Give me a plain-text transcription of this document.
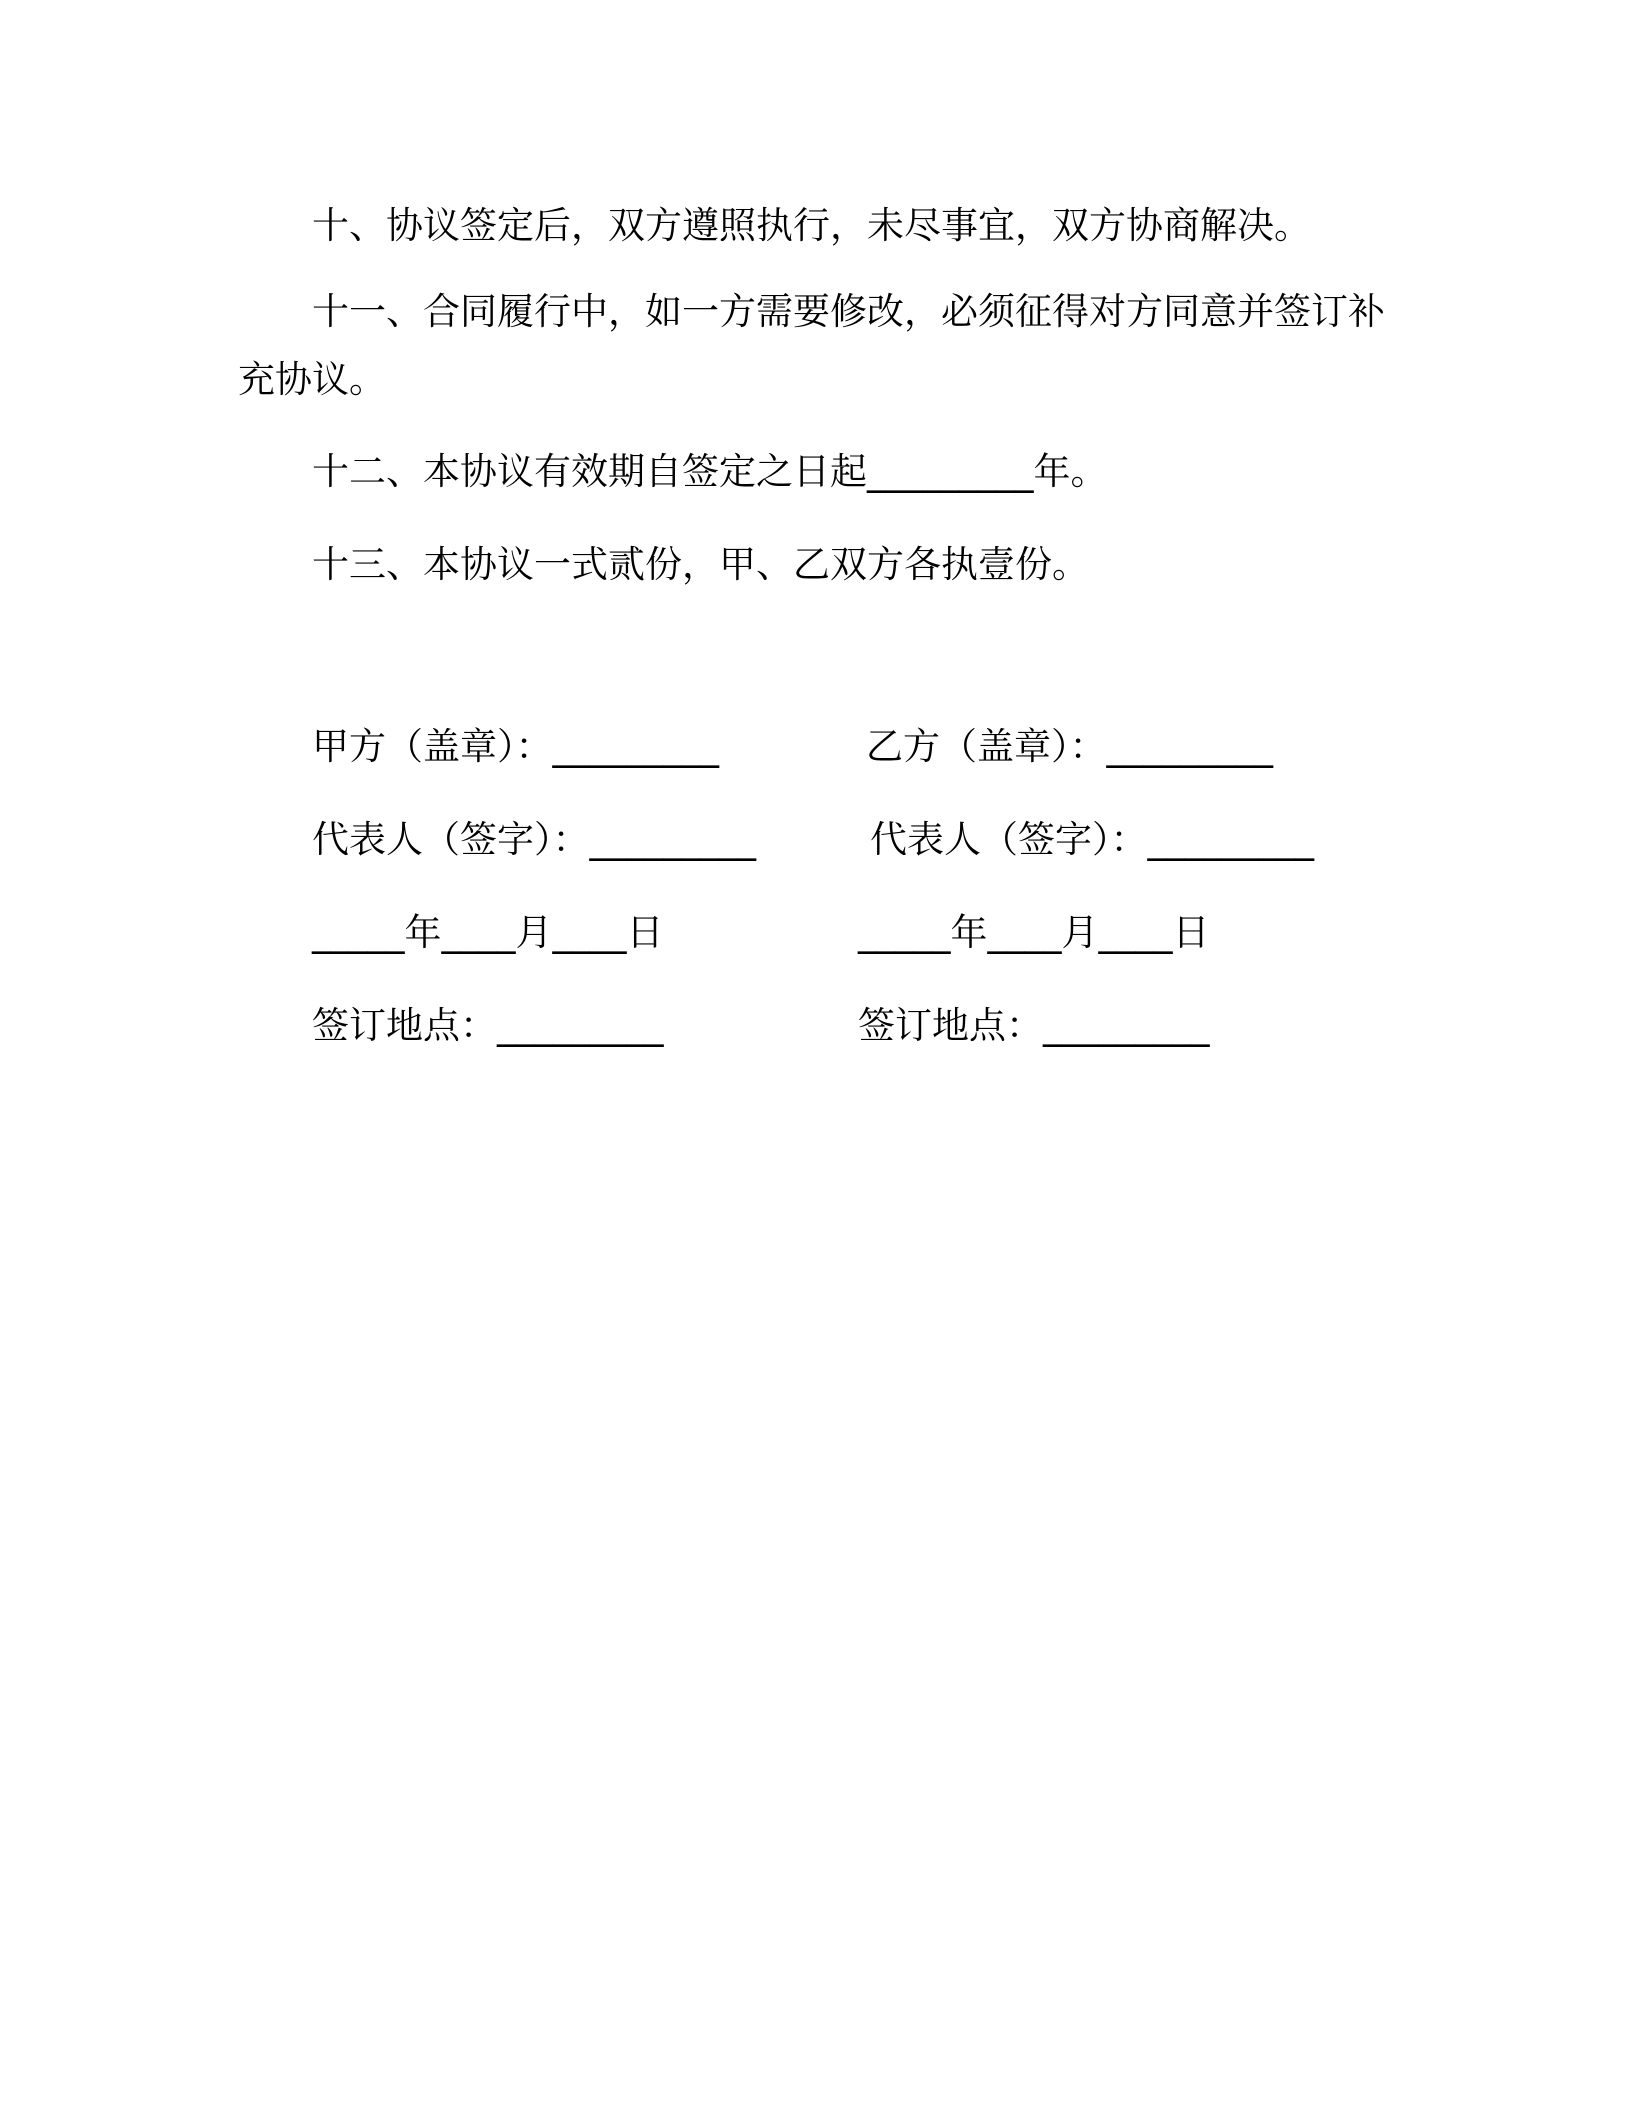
十、协议签定后，双方遵照执行，未尽事宜，双方协商解决。

十一、合同履行中，如一方需要修改，必须征得对方同意并签订补充协议。

十二、本协议有效期自签定之日起_________年。

十三、本协议一式贰份，甲、乙双方各执壹份。

甲方（盖章）：_________
代表人（签字）：_________
_____年____月____日
签订地点：_________
乙方（盖章）：_________
代表人（签字）：_________
_____年____月____日
签订地点：_________
